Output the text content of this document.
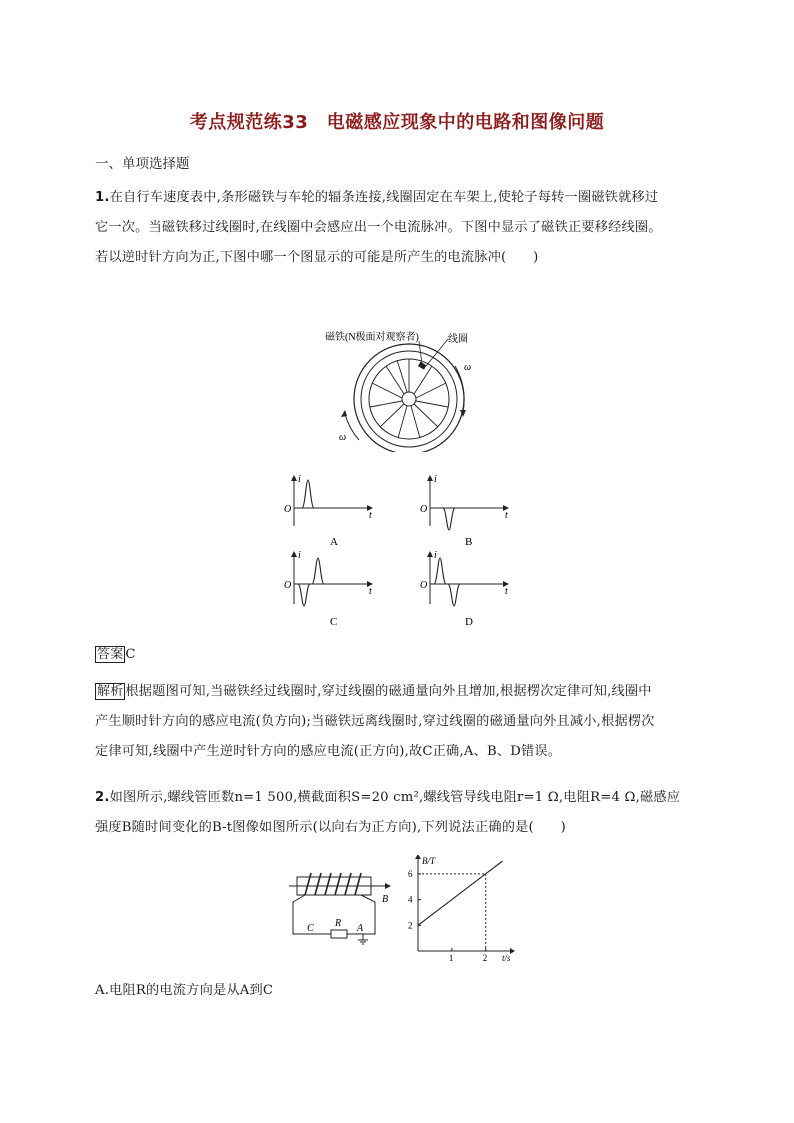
考点规范练33　电磁感应现象中的电路和图像问题
一、单项选择题
1.在自行车速度表中,条形磁铁与车轮的辐条连接,线圈固定在车架上,使轮子每转一圈磁铁就移过
它一次。当磁铁移过线圈时,在线圈中会感应出一个电流脉冲。下图中显示了磁铁正要移经线圈。
若以逆时针方向为正,下图中哪一个图显示的可能是所产生的电流脉冲(　　)
磁铁(N极面对观察者)	线圈
ω
ω
O
i
t
A
O
i
t
B
O
i
t
C
O
i
t
D
答案 C
解析 根据题图可知,当磁铁经过线圈时,穿过线圈的磁通量向外且增加,根据楞次定律可知,线圈中
产生顺时针方向的感应电流(负方向);当磁铁远离线圈时,穿过线圈的磁通量向外且减小,根据楞次
定律可知,线圈中产生逆时针方向的感应电流(正方向),故C正确,A、B、D错误。
2.如图所示,螺线管匝数n=1 500,横截面积S=20 cm²,螺线管导线电阻r=1 Ω,电阻R=4 Ω,磁感应
强度B随时间变化的B-t图像如图所示(以向右为正方向),下列说法正确的是(　　)
B
C R A
B/T
t/s
2
4
6
1	2
A.电阻R的电流方向是从A到C
